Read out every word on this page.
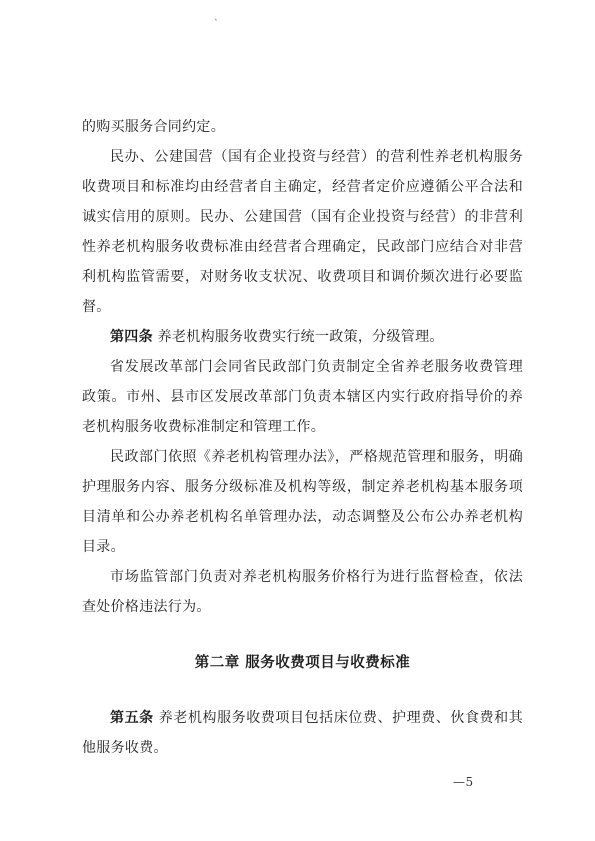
、

的购买服务合同约定。

民办、公建国营（国有企业投资与经营）的营利性养老机构服务收费项目和标准均由经营者自主确定，经营者定价应遵循公平合法和诚实信用的原则。民办、公建国营（国有企业投资与经营）的非营利性养老机构服务收费标准由经营者合理确定，民政部门应结合对非营利机构监管需要，对财务收支状况、收费项目和调价频次进行必要监督。

第四条 养老机构服务收费实行统一政策，分级管理。

省发展改革部门会同省民政部门负责制定全省养老服务收费管理政策。市州、县市区发展改革部门负责本辖区内实行政府指导价的养老机构服务收费标准制定和管理工作。

民政部门依照《养老机构管理办法》，严格规范管理和服务，明确护理服务内容、服务分级标准及机构等级，制定养老机构基本服务项目清单和公办养老机构名单管理办法，动态调整及公布公办养老机构目录。

市场监管部门负责对养老机构服务价格行为进行监督检查，依法查处价格违法行为。

第二章 服务收费项目与收费标准

第五条 养老机构服务收费项目包括床位费、护理费、伙食费和其他服务收费。

—5
